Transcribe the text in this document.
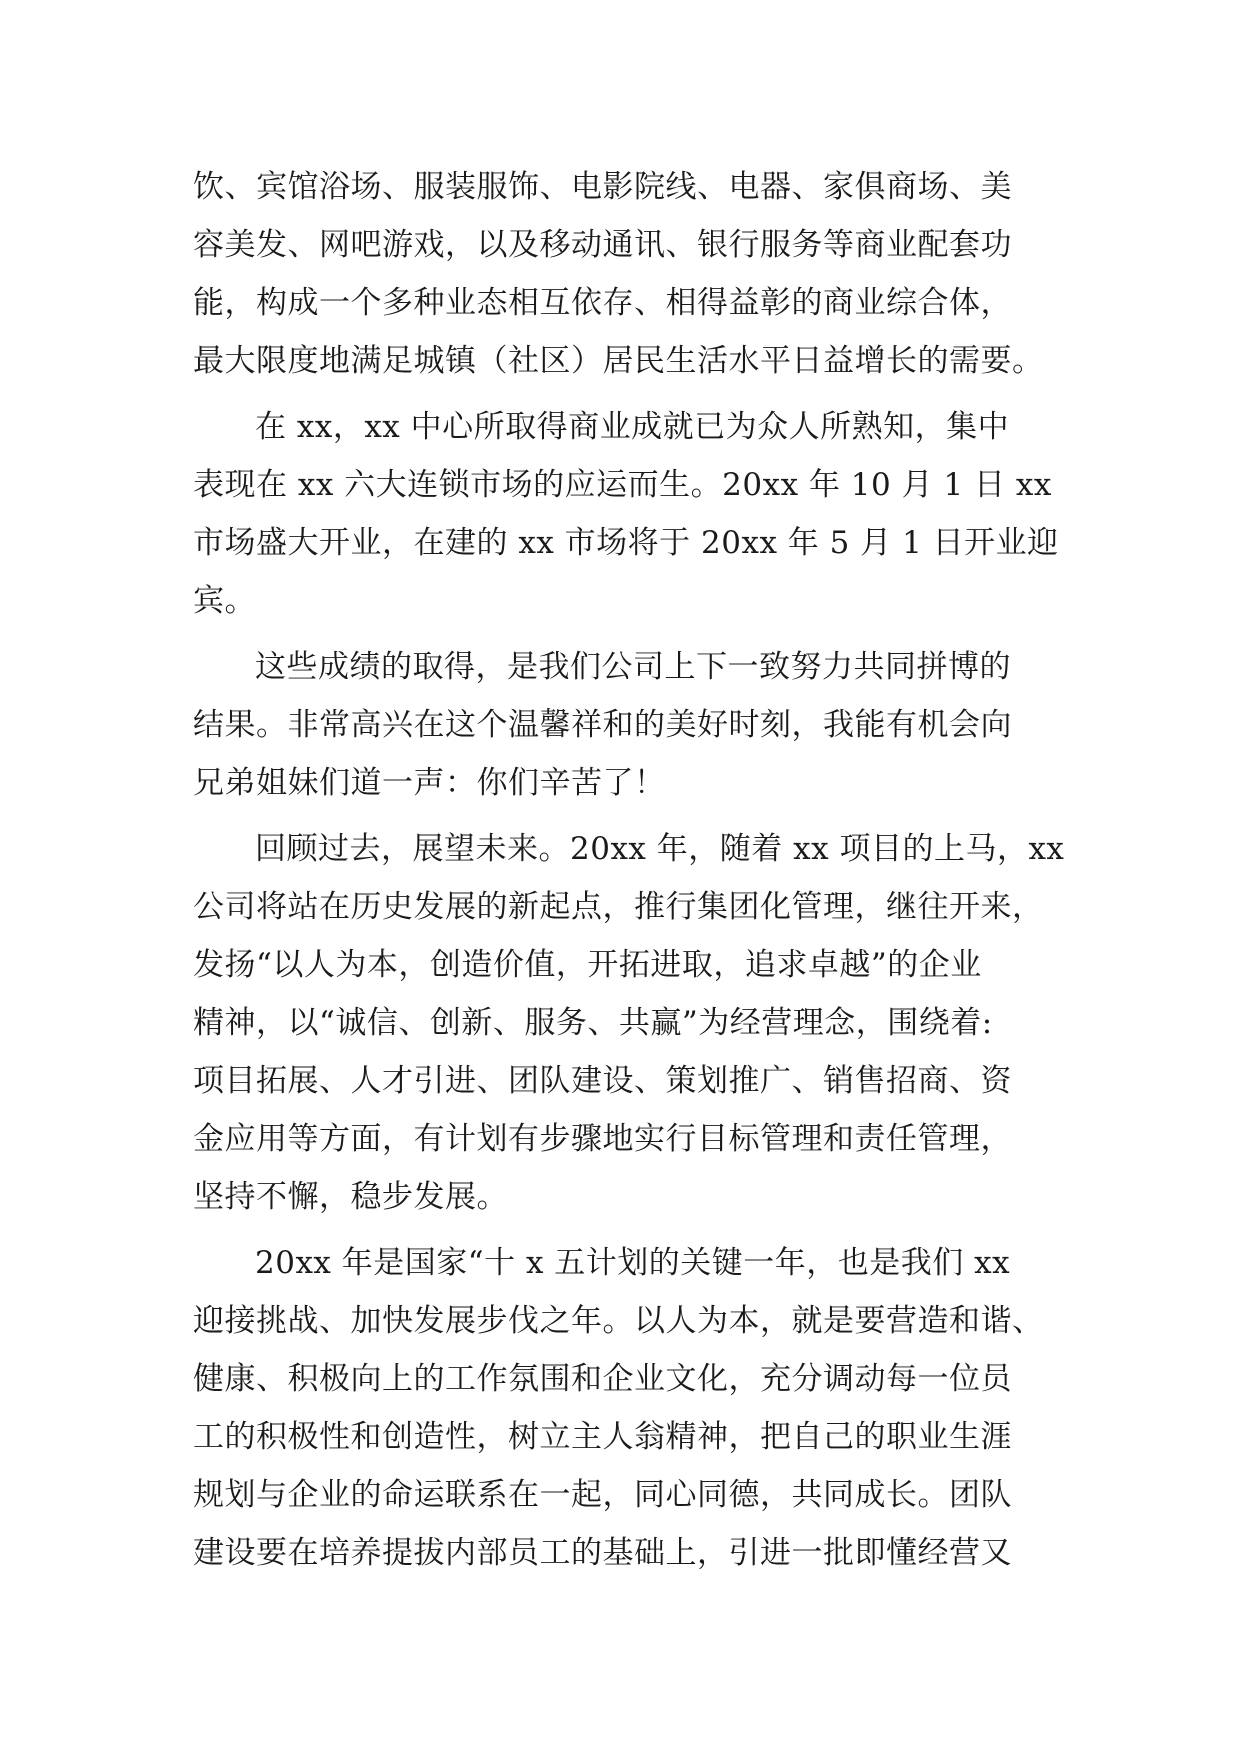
饮、宾馆浴场、服装服饰、电影院线、电器、家俱商场、美
容美发、网吧游戏，以及移动通讯、银行服务等商业配套功
能，构成一个多种业态相互依存、相得益彰的商业综合体，
最大限度地满足城镇（社区）居民生活水平日益增长的需要。
在 xx，xx 中心所取得商业成就已为众人所熟知，集中
表现在 xx 六大连锁市场的应运而生。20xx 年 10 月 1 日 xx
市场盛大开业，在建的 xx 市场将于 20xx 年 5 月 1 日开业迎
宾。
这些成绩的取得，是我们公司上下一致努力共同拼博的
结果。非常高兴在这个温馨祥和的美好时刻，我能有机会向
兄弟姐妹们道一声：你们辛苦了！
回顾过去，展望未来。20xx 年，随着 xx 项目的上马，xx
公司将站在历史发展的新起点，推行集团化管理，继往开来，
发扬“以人为本，创造价值，开拓进取，追求卓越”的企业
精神，以“诚信、创新、服务、共赢”为经营理念，围绕着:
项目拓展、人才引进、团队建设、策划推广、销售招商、资
金应用等方面，有计划有步骤地实行目标管理和责任管理，
坚持不懈，稳步发展。
20xx 年是国家“十 x 五计划的关键一年，也是我们 xx
迎接挑战、加快发展步伐之年。以人为本，就是要营造和谐、
健康、积极向上的工作氛围和企业文化，充分调动每一位员
工的积极性和创造性，树立主人翁精神，把自己的职业生涯
规划与企业的命运联系在一起，同心同德，共同成长。团队
建设要在培养提拔内部员工的基础上，引进一批即懂经营又
